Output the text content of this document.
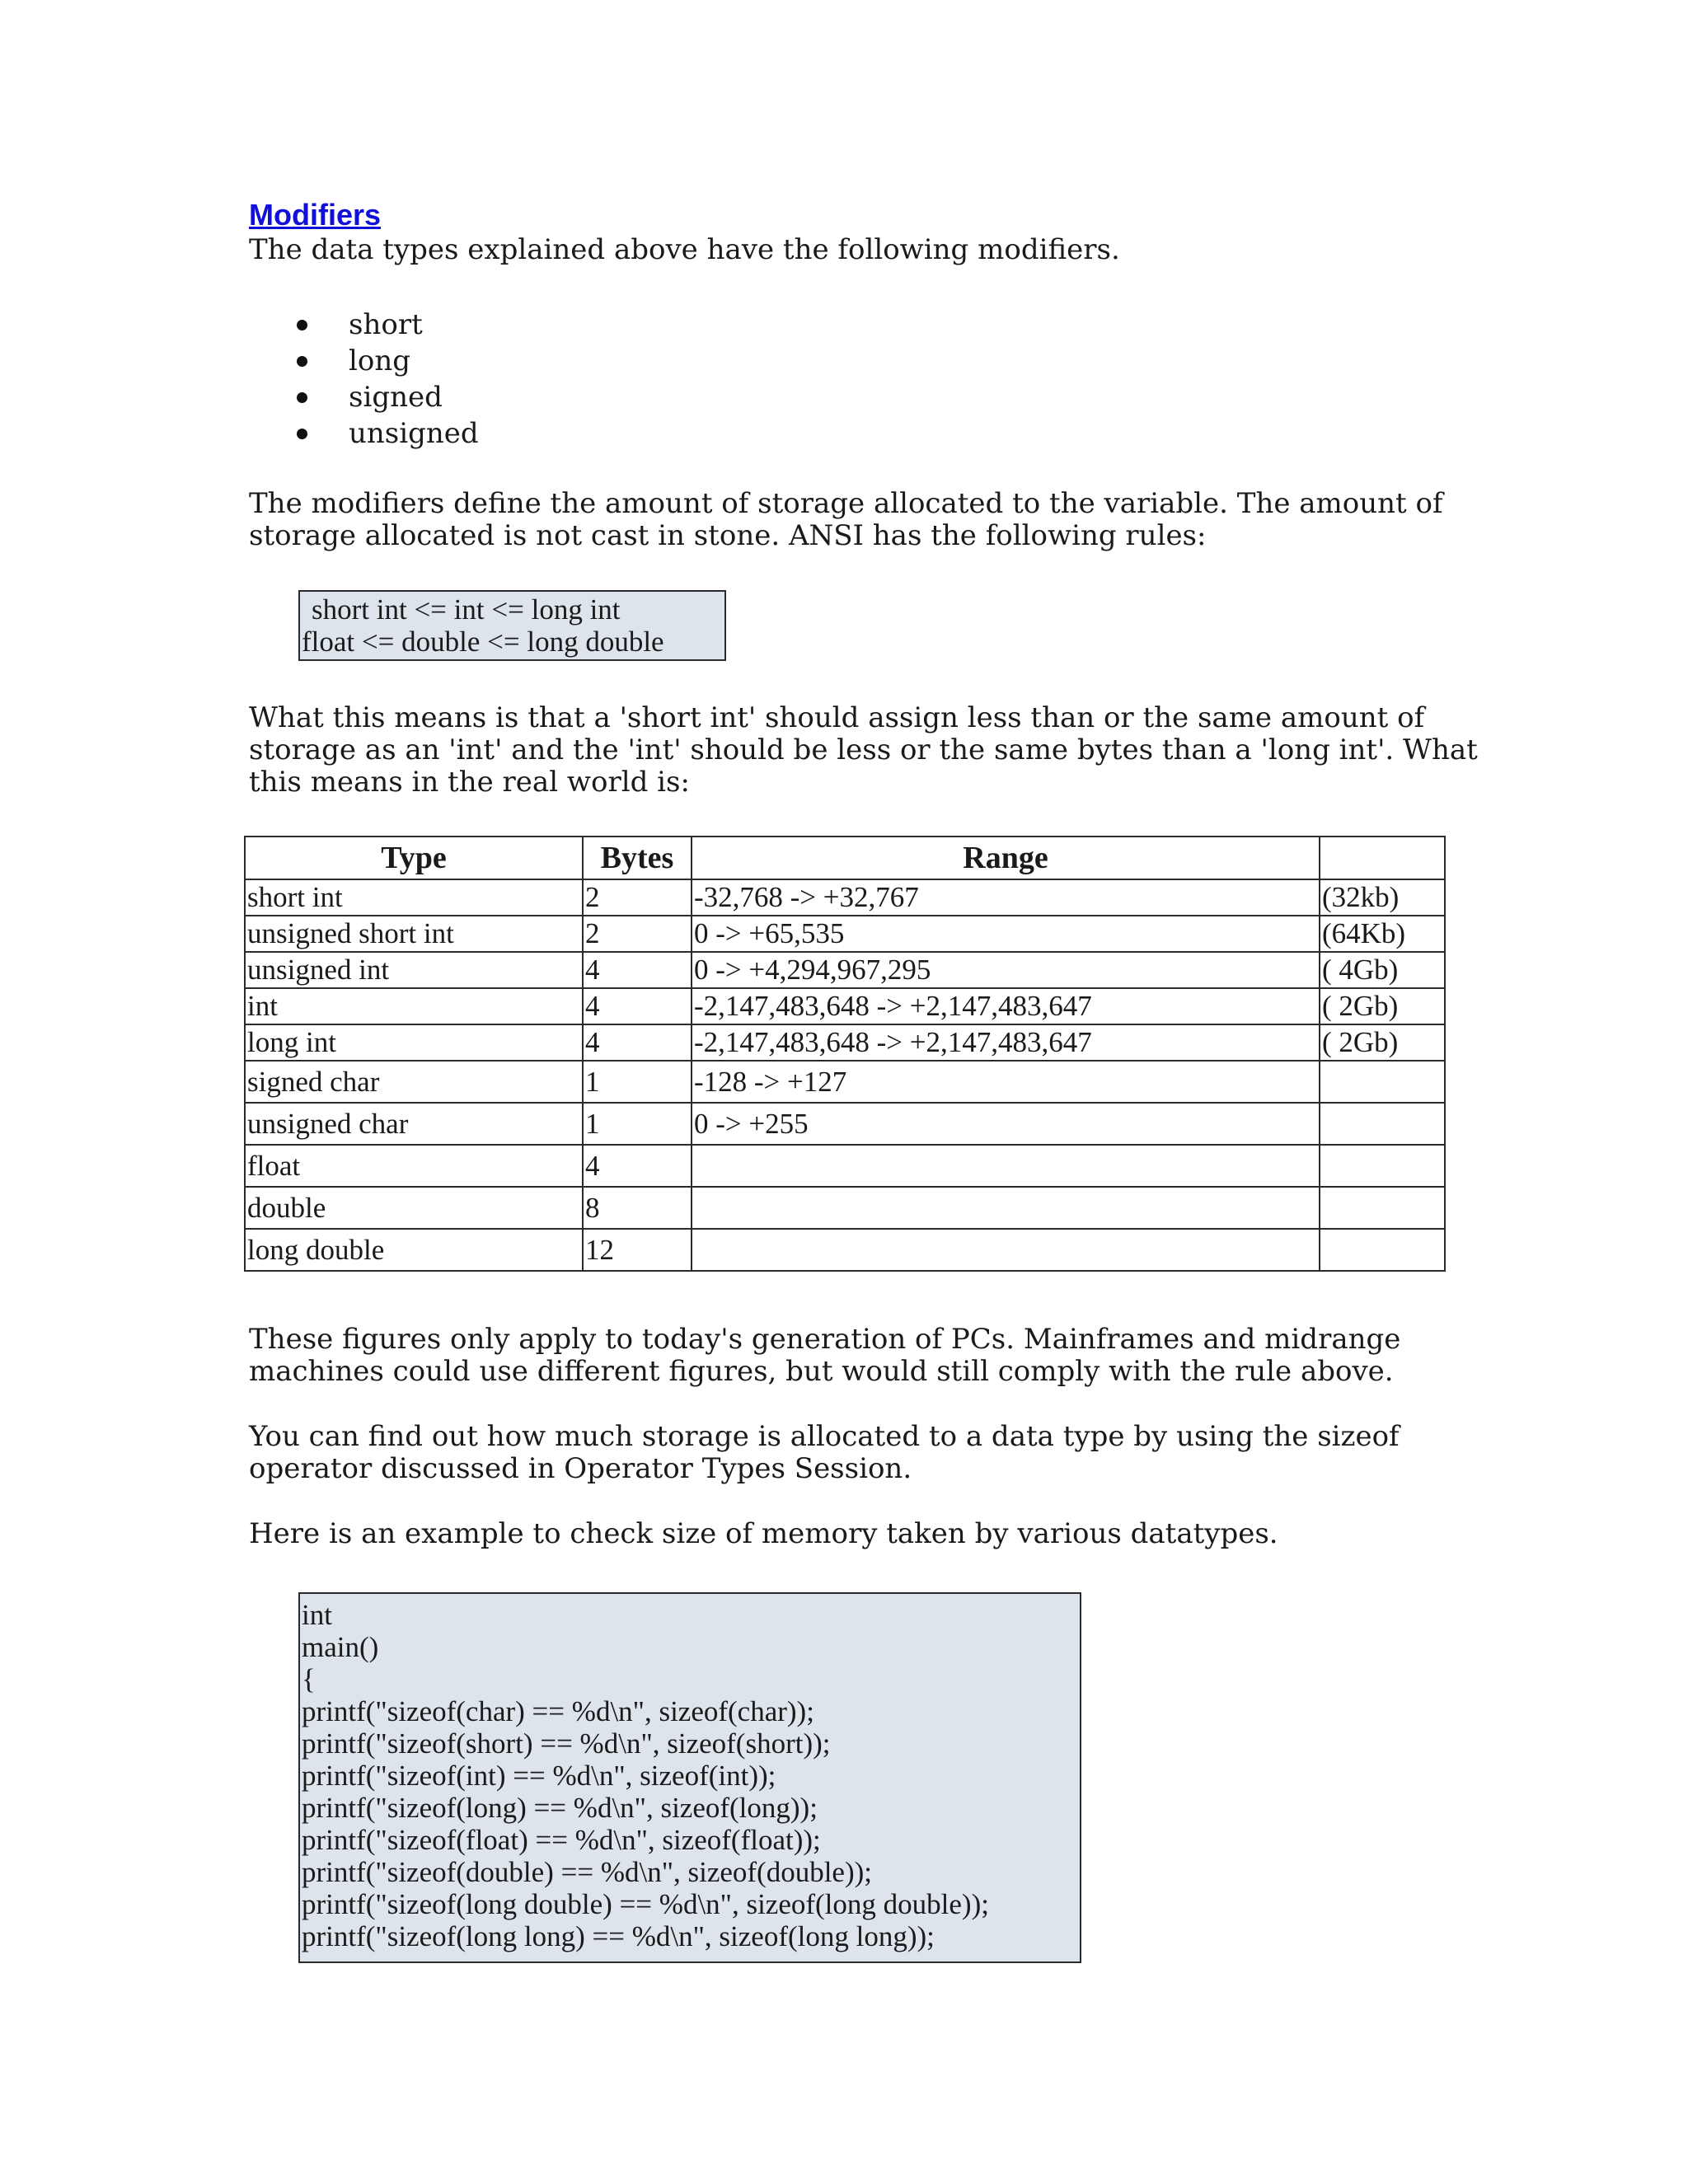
Modifiers
The data types explained above have the following modifiers.
short
long
signed
unsigned
The modifiers define the amount of storage allocated to the variable. The amount of
storage allocated is not cast in stone. ANSI has the following rules:
short int <= int <= long int
float <= double <= long double
What this means is that a 'short int' should assign less than or the same amount of
storage as an 'int' and the 'int' should be less or the same bytes than a 'long int'. What
this means in the real world is:
Type	Bytes	Range	
short int	2	-32,768 -> +32,767	(32kb)
unsigned short int	2	0 -> +65,535	(64Kb)
unsigned int	4	0 -> +4,294,967,295	( 4Gb)
int	4	-2,147,483,648 -> +2,147,483,647	( 2Gb)
long int	4	-2,147,483,648 -> +2,147,483,647	( 2Gb)
signed char	1	-128 -> +127	
unsigned char	1	0 -> +255	
float	4		
double	8		
long double	12		
These figures only apply to today's generation of PCs. Mainframes and midrange
machines could use different figures, but would still comply with the rule above.
You can find out how much storage is allocated to a data type by using the sizeof
operator discussed in Operator Types Session.
Here is an example to check size of memory taken by various datatypes.
int
main()
{
printf("sizeof(char) == %d\n", sizeof(char));
printf("sizeof(short) == %d\n", sizeof(short));
printf("sizeof(int) == %d\n", sizeof(int));
printf("sizeof(long) == %d\n", sizeof(long));
printf("sizeof(float) == %d\n", sizeof(float));
printf("sizeof(double) == %d\n", sizeof(double));
printf("sizeof(long double) == %d\n", sizeof(long double));
printf("sizeof(long long) == %d\n", sizeof(long long));
